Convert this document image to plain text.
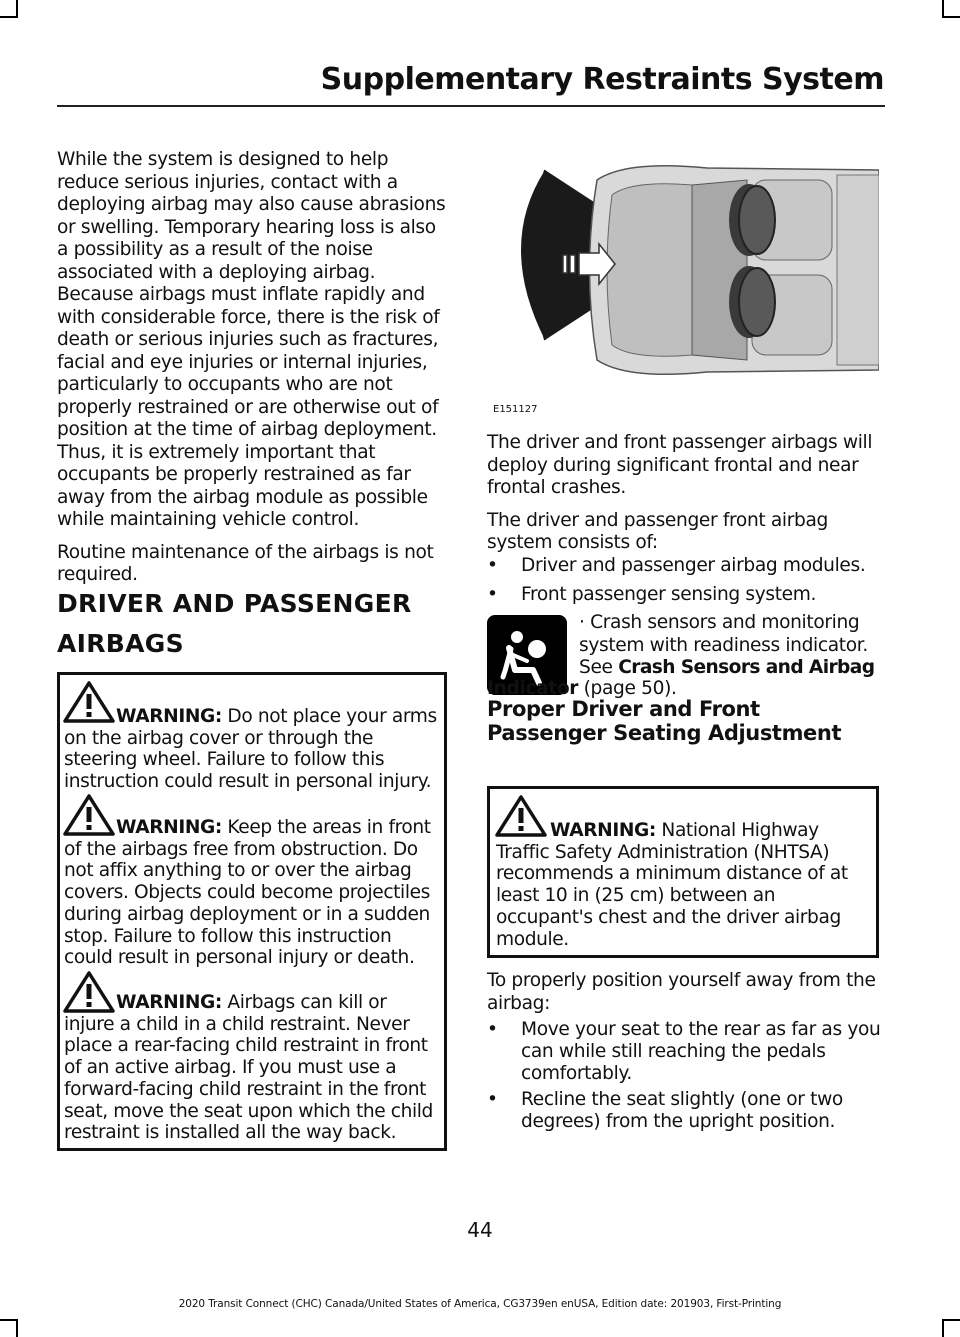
Supplementary Restraints System

While the system is designed to help reduce serious injuries, contact with a deploying airbag may also cause abrasions or swelling. Temporary hearing loss is also a possibility as a result of the noise associated with a deploying airbag. Because airbags must inflate rapidly and with considerable force, there is the risk of death or serious injuries such as fractures, facial and eye injuries or internal injuries, particularly to occupants who are not properly restrained or are otherwise out of position at the time of airbag deployment. Thus, it is extremely important that occupants be properly restrained as far away from the airbag module as possible while maintaining vehicle control.

Routine maintenance of the airbags is not required.

DRIVER AND PASSENGER
AIRBAGS
WARNING: Do not place your arms on the airbag cover or through the steering wheel. Failure to follow this instruction could result in personal injury.
WARNING: Keep the areas in front of the airbags free from obstruction. Do not affix anything to or over the airbag covers. Objects could become projectiles during airbag deployment or in a sudden stop. Failure to follow this instruction could result in personal injury or death.
WARNING: Airbags can kill or injure a child in a child restraint. Never place a rear-facing child restraint in front of an active airbag. If you must use a forward-facing child restraint in the front seat, move the seat upon which the child restraint is installed all the way back.
E151127

The driver and front passenger airbags will deploy during significant frontal and near frontal crashes.

The driver and passenger front airbag system consists of:

• Driver and passenger airbag modules.
• Front passenger sensing system.
· Crash sensors and monitoring system with readiness indicator. See Crash Sensors and Airbag
Indicator (page 50).
Proper Driver and Front Passenger Seating Adjustment
WARNING: National Highway Traffic Safety Administration (NHTSA) recommends a minimum distance of at least 10 in (25 cm) between an occupant's chest and the driver airbag module.
To properly position yourself away from the airbag:
• Move your seat to the rear as far as you can while still reaching the pedals comfortably.
• Recline the seat slightly (one or two degrees) from the upright position.
44
2020 Transit Connect (CHC) Canada/United States of America, CG3739en enUSA, Edition date: 201903, First-Printing
